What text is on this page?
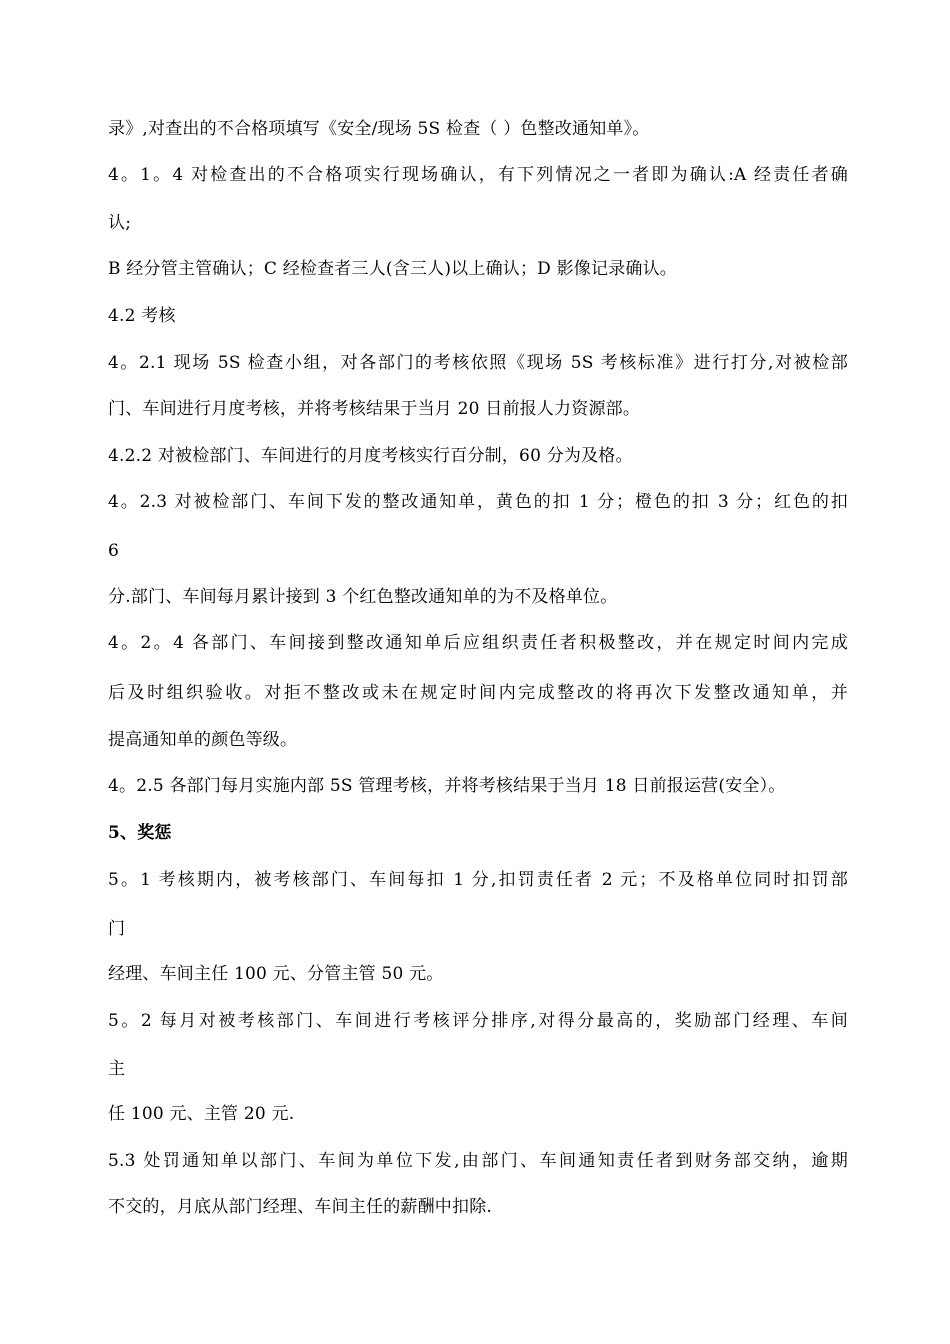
录》,对查出的不合格项填写《安全/现场 5S 检查（ ）色整改通知单》。
4。1。4 对检查出的不合格项实行现场确认，有下列情况之一者即为确认:A 经责任者确
认;
B 经分管主管确认；C 经检查者三人(含三人)以上确认；D 影像记录确认。
4.2 考核
4。2.1 现场 5S 检查小组，对各部门的考核依照《现场 5S 考核标准》进行打分,对被检部
门、车间进行月度考核，并将考核结果于当月 20 日前报人力资源部。
4.2.2 对被检部门、车间进行的月度考核实行百分制，60 分为及格。
4。2.3 对被检部门、车间下发的整改通知单，黄色的扣 1 分；橙色的扣 3 分；红色的扣
6
分.部门、车间每月累计接到 3 个红色整改通知单的为不及格单位。
4。2。4 各部门、车间接到整改通知单后应组织责任者积极整改，并在规定时间内完成
后及时组织验收。对拒不整改或未在规定时间内完成整改的将再次下发整改通知单，并
提高通知单的颜色等级。
4。2.5 各部门每月实施内部 5S 管理考核，并将考核结果于当月 18 日前报运营(安全）。
5、奖惩
5。1 考核期内，被考核部门、车间每扣 1 分,扣罚责任者 2 元；不及格单位同时扣罚部
门
经理、车间主任 100 元、分管主管 50 元。
5。2 每月对被考核部门、车间进行考核评分排序,对得分最高的，奖励部门经理、车间
主
任 100 元、主管 20 元.
5.3 处罚通知单以部门、车间为单位下发,由部门、车间通知责任者到财务部交纳，逾期
不交的，月底从部门经理、车间主任的薪酬中扣除.
